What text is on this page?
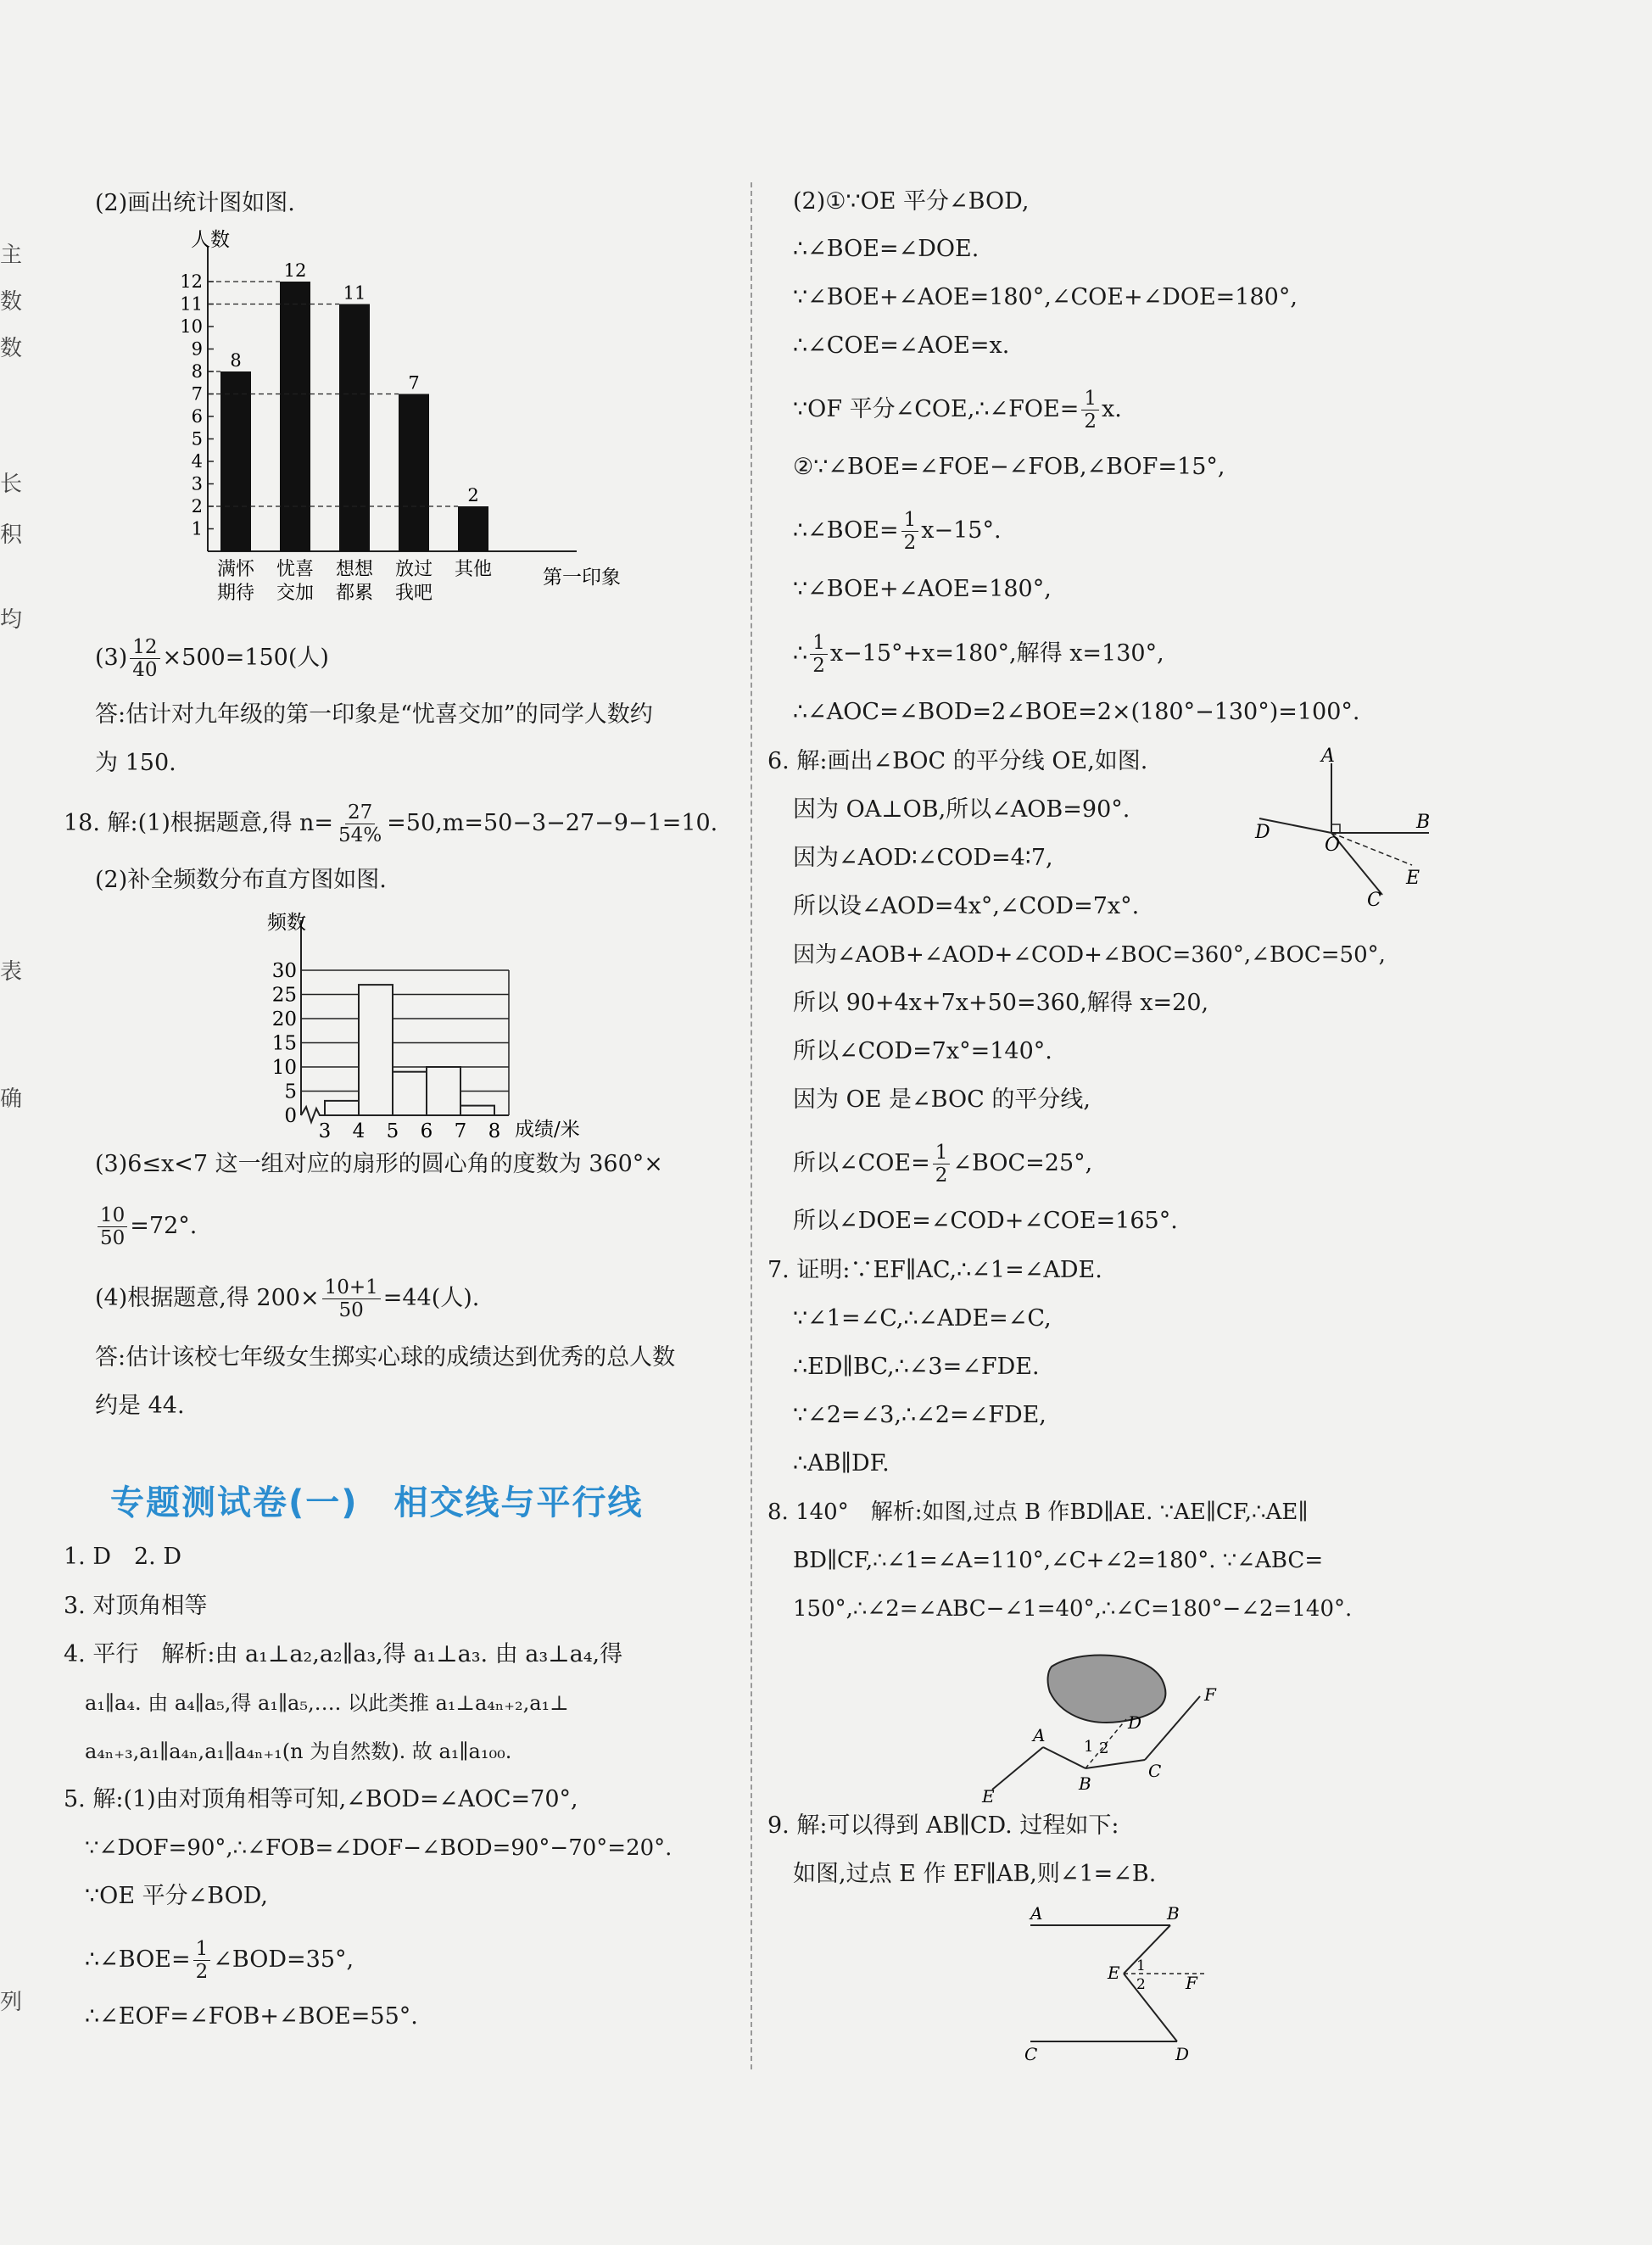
主
数
数
长
积
均
表
确
列
(2)画出统计图如图.
人数
第一印象
1
2
3
4
5
6
7
8
9
10
11
12
8
满怀
期待
12
忧喜
交加
11
想想
都累
7
放过
我吧
2
其他
$(3) \frac{12}{40} \times 500=150$(人)
答:估计对九年级的第一印象是“忧喜交加”的同学人数约
为 150.
18. 解:(1)根据题意,得 $n= \frac{27}{54\%} =50,m=50-3-27-9-1=10$.
(2)补全频数分布直方图如图.
频数
成绩/米
0
5
10
15
20
25
30
3 4 5 6 7 8
(3)6≤x<7 这一组对应的扇形的圆心角的度数为 360°×
$\frac{10}{50} =72^\circ$.
(4)根据题意,得 $200\times \frac{10+1}{50} =44$(人).
答:估计该校七年级女生掷实心球的成绩达到优秀的总人数
约是 44.
专题测试卷(一)　相交线与平行线
1. D　2. D
3. 对顶角相等
4. 平行　解析:由 a₁⊥a₂,a₂∥a₃,得 a₁⊥a₃. 由 a₃⊥a₄,得
a₁∥a₄. 由 a₄∥a₅,得 a₁∥a₅,…. 以此类推 a₁⊥a₄ₙ₊₂,a₁⊥
a₄ₙ₊₃,a₁∥a₄ₙ,a₁∥a₄ₙ₊₁(n 为自然数). 故 a₁∥a₁₀₀.
5. 解:(1)由对顶角相等可知,∠BOD=∠AOC=70°,
∵∠DOF=90°,∴∠FOB=∠DOF−∠BOD=90°−70°=20°.
∵OE 平分∠BOD,
∴∠BOE= $\frac{1}{2}$ ∠BOD=35°,
∴∠EOF=∠FOB+∠BOE=55°.
(2)①∵OE 平分∠BOD,
∴∠BOE=∠DOE.
∵∠BOE+∠AOE=180°,∠COE+∠DOE=180°,
∴∠COE=∠AOE=x.
∵OF 平分∠COE,∴∠FOE= $\frac{1}{2} x$.
②∵∠BOE=∠FOE−∠FOB,∠BOF=15°,
∴∠BOE= $\frac{1}{2} x-15^\circ$.
∵∠BOE+∠AOE=180°,
∴ $\frac{1}{2} x-15^\circ+x=180^\circ$,解得 x=130°,
∴∠AOC=∠BOD=2∠BOE=2×(180°−130°)=100°.
6. 解:画出∠BOC 的平分线 OE,如图.
因为 OA⊥OB,所以∠AOB=90°.
因为∠AOD∶∠COD=4∶7,
所以设∠AOD=4x°,∠COD=7x°.
因为∠AOB+∠AOD+∠COD+∠BOC=360°,∠BOC=50°,
所以 90+4x+7x+50=360,解得 x=20,
所以∠COD=7x°=140°.
因为 OE 是∠BOC 的平分线,
所以∠COE= $\frac{1}{2}$ ∠BOC=25°,
所以∠DOE=∠COD+∠COE=165°.
A
B
D
O
E
C
7. 证明:∵EF∥AC,∴∠1=∠ADE.
∵∠1=∠C,∴∠ADE=∠C,
∴ED∥BC,∴∠3=∠FDE.
∵∠2=∠3,∴∠2=∠FDE,
∴AB∥DF.
8. 140°　解析:如图,过点 B 作BD∥AE. ∵AE∥CF,∴AE∥
BD∥CF,∴∠1=∠A=110°,∠C+∠2=180°. ∵∠ABC=
150°,∴∠2=∠ABC−∠1=40°,∴∠C=180°−∠2=140°.
A
D
F
1 2
E
B
C
9. 解:可以得到 AB∥CD. 过程如下:
如图,过点 E 作 EF∥AB,则∠1=∠B.
A	B
E 1
2 F
C	D
